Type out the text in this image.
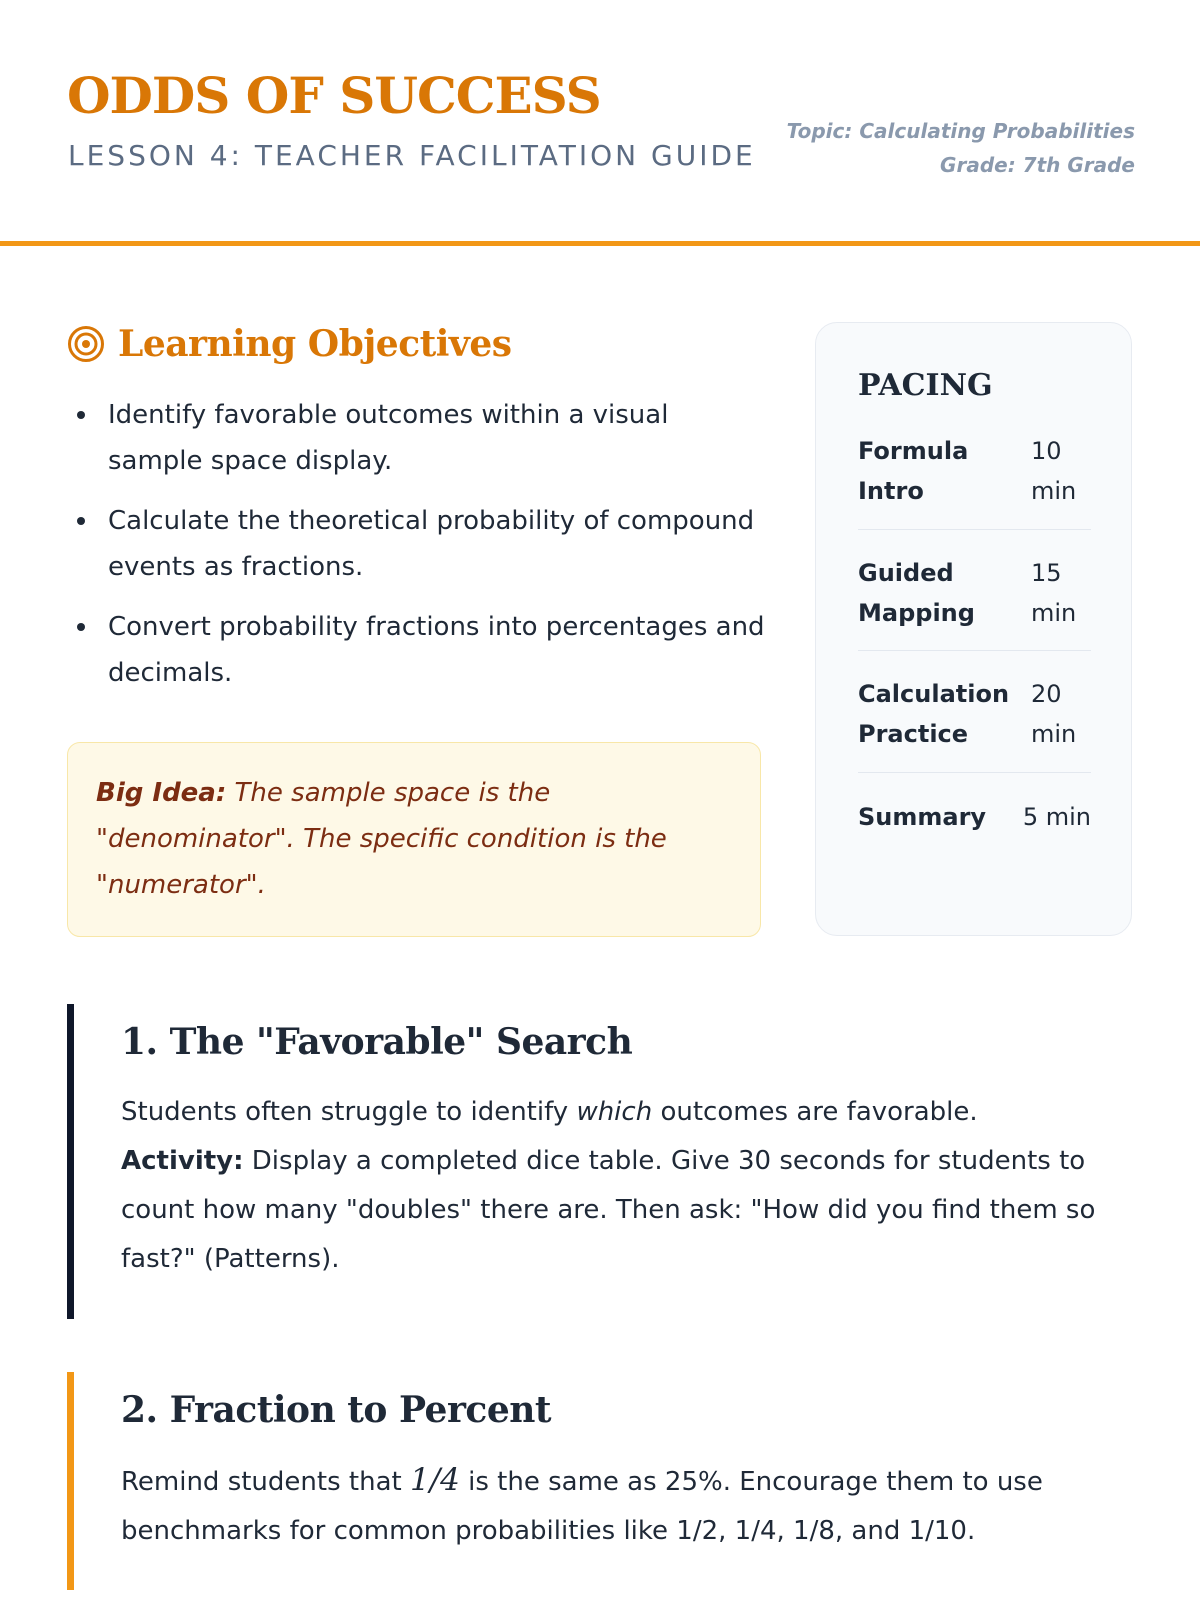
ODDS OF SUCCESS
LESSON 4: TEACHER FACILITATION GUIDE
Topic: Calculating Probabilities
Grade: 7th Grade
Learning Objectives
Identify favorable outcomes within a visual sample space display.
Calculate the theoretical probability of compound events as fractions.
Convert probability fractions into percentages and decimals.
Big Idea: The sample space is the "denominator". The specific condition is the "numerator".
PACING
Formula Intro
10 min
Guided Mapping
15 min
Calculation Practice
20 min
Summary 5 min
1. The "Favorable" Search
Students often struggle to identify which outcomes are favorable.
Activity: Display a completed dice table. Give 30 seconds for students to count how many "doubles" there are. Then ask: "How did you find them so fast?" (Patterns).
2. Fraction to Percent
Remind students that 1/4 is the same as 25%. Encourage them to use benchmarks for common probabilities like 1/2, 1/4, 1/8, and 1/10.
